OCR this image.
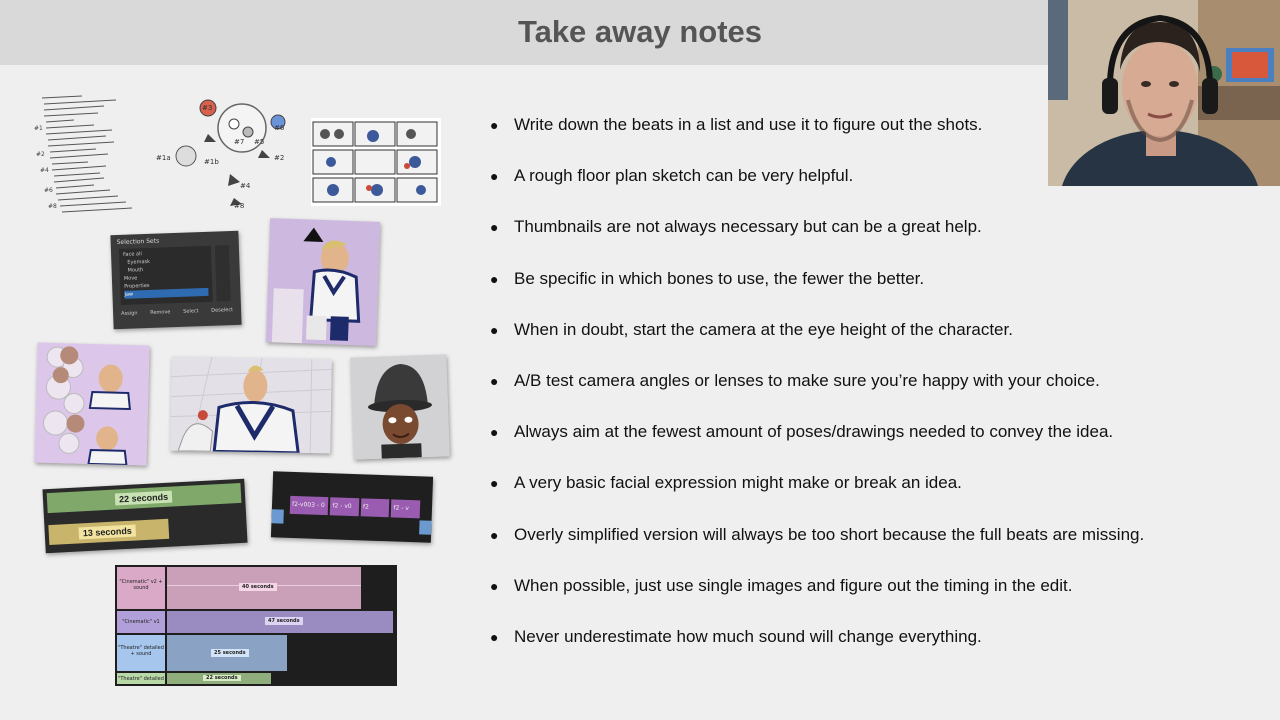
Take away notes
#1
#2
#4
#6
#8
#3
#5
#1a	#1b
#7
#2
#4
#6
#8
Selection Sets
Face all
Eyemask
Mouth
Move
Properties
Jaw
Assign Remove Select Deselect
22 seconds
13 seconds
f2-v003 - 0	f2 - v0	f2	f2 - v
"Cinematic" v2 + sound	40 seconds
"Cinematic" v1	47 seconds
"Theatre" detailed + sound	25 seconds
"Theatre" detailed	22 seconds
● Write down the beats in a list and use it to figure out the shots.
● A rough floor plan sketch can be very helpful.
● Thumbnails are not always necessary but can be a great help.
● Be specific in which bones to use, the fewer the better.
● When in doubt, start the camera at the eye height of the character.
● A/B test camera angles or lenses to make sure you’re happy with your choice.
● Always aim at the fewest amount of poses/drawings needed to convey the idea.
● A very basic facial expression might make or break an idea.
● Overly simplified version will always be too short because the full beats are missing.
● When possible, just use single images and figure out the timing in the edit.
● Never underestimate how much sound will change everything.
